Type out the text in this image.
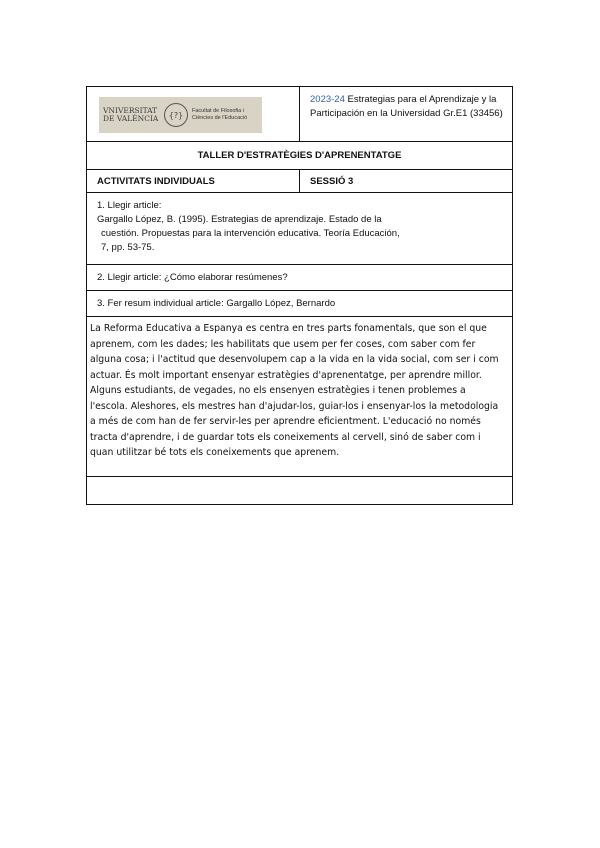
VNIVERSITAT DE VALÈNCIA	{?}	Facultat de Filosofia i Ciències de l'Educació
2023-24 Estrategias para el Aprendizaje y la Participación en la Universidad Gr.E1 (33456)
TALLER D'ESTRATÈGIES D'APRENENTATGE
ACTIVITATS INDIVIDUALS	SESSIÓ 3
1. Llegir article:
Gargallo López, B. (1995). Estrategias de aprendizaje. Estado de la
cuestión. Propuestas para la intervención educativa. Teoría Educación,
7, pp. 53-75.
2. Llegir article: ¿Cómo elaborar resúmenes?
3. Fer resum individual article: Gargallo López, Bernardo

La Reforma Educativa a Espanya es centra en tres parts fonamentals, que son el que aprenem, com les dades; les habilitats que usem per fer coses, com saber com fer alguna cosa; i l'actitud que desenvolupem cap a la vida en la vida social, com ser i com actuar. És molt important ensenyar estratègies d'aprenentatge, per aprendre millor. Alguns estudiants, de vegades, no els ensenyen estratègies i tenen problemes a l'escola. Aleshores, els mestres han d'ajudar-los, guiar-los i ensenyar-los la metodologia a més de com han de fer servir-les per aprendre eficientment. L'educació no només tracta d'aprendre, i de guardar tots els coneixements al cervell, sinó de saber com i quan utilitzar bé tots els coneixements que aprenem.
